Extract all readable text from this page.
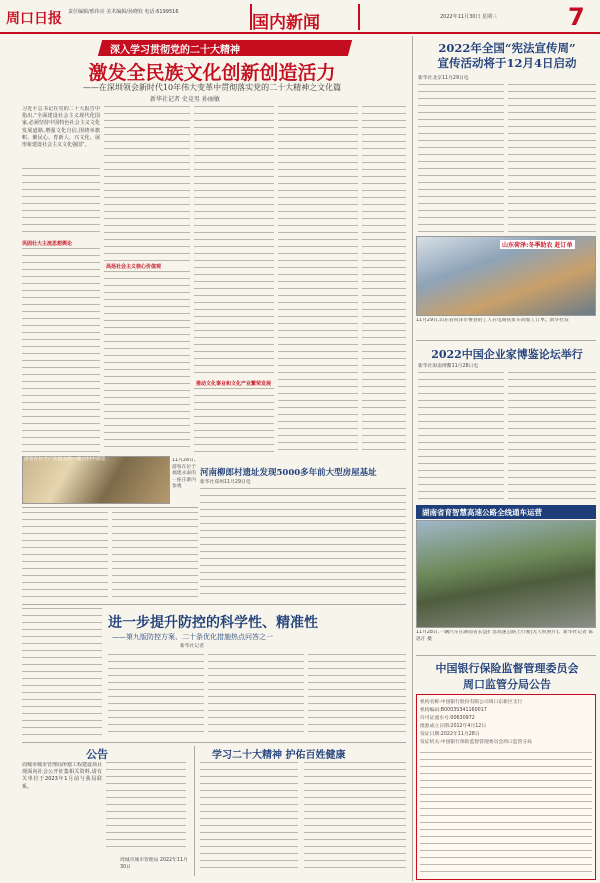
周口日报 责任编辑/邢伟亮 美术编辑/孙晓钦 电话:6199516
国内新闻	2022年11月30日 星期三	7
深入学习贯彻党的二十大精神
激发全民族文化创新创造活力
——在深圳领会新时代10年伟大变革中贯彻落实党的二十大精神之文化篇
新华社记者 史竞男 孙丽敏
习近平总书记在党的二十大报告中指出,“全面建设社会主义现代化国家,必须坚持中国特色社会主义文化发展道路,增强文化自信,围绕举旗帜、聚民心、育新人、兴文化、展形象建设社会主义文化强国”。
巩固壮大主流思想舆论
高扬社会主义核心价值观
推动文化事业和文化产业繁荣发展
游客在位于广东韶关的一座古村中游览	11月28日,游客在位于福建永泰的一座庄寨内参观
河南柳郎村遗址发现5000多年前大型房屋基址
新华社郑州11月29日电
进一步提升防控的科学性、精准性
——第九版防控方案、二十条优化措施热点问答之一
新华社记者
公告
周城市城市管理局所辖工程建设项目现面向社会公开征集相关资料,请有关单位于2023年1月前与我局联系。
周城市城市管理局 2022年11月30日
学习二十大精神 护佑百姓健康
2022年全国“宪法宣传周”
宣传活动将于12月4日启动
新华社北京11月29日电
山东荷泽:冬季助农 赶订单
11月29日,山东省荷泽市曹县的工人在电商扶贫车间加工订单。新华社发
2022中国企业家博鉴论坛举行
新华社海南博鳌11月28日电
湖南省育智慧高速公路全线通车运营
11月28日,一辆汽车在湖南省长益扩容高速公路上行驶(无人机照片)。新华社记者 陈思汗 摄
中国银行保险监督管理委员会
周口监管分局公告
机构名称:中国银行股份有限公司周口东新区支行
机构编码:B0003S341160017
许可证流水号:00630972
批准成立日期:2012年4月12日
发证日期:2022年11月28日
发证机关:中国银行保险监督管理委员会周口监管分局
